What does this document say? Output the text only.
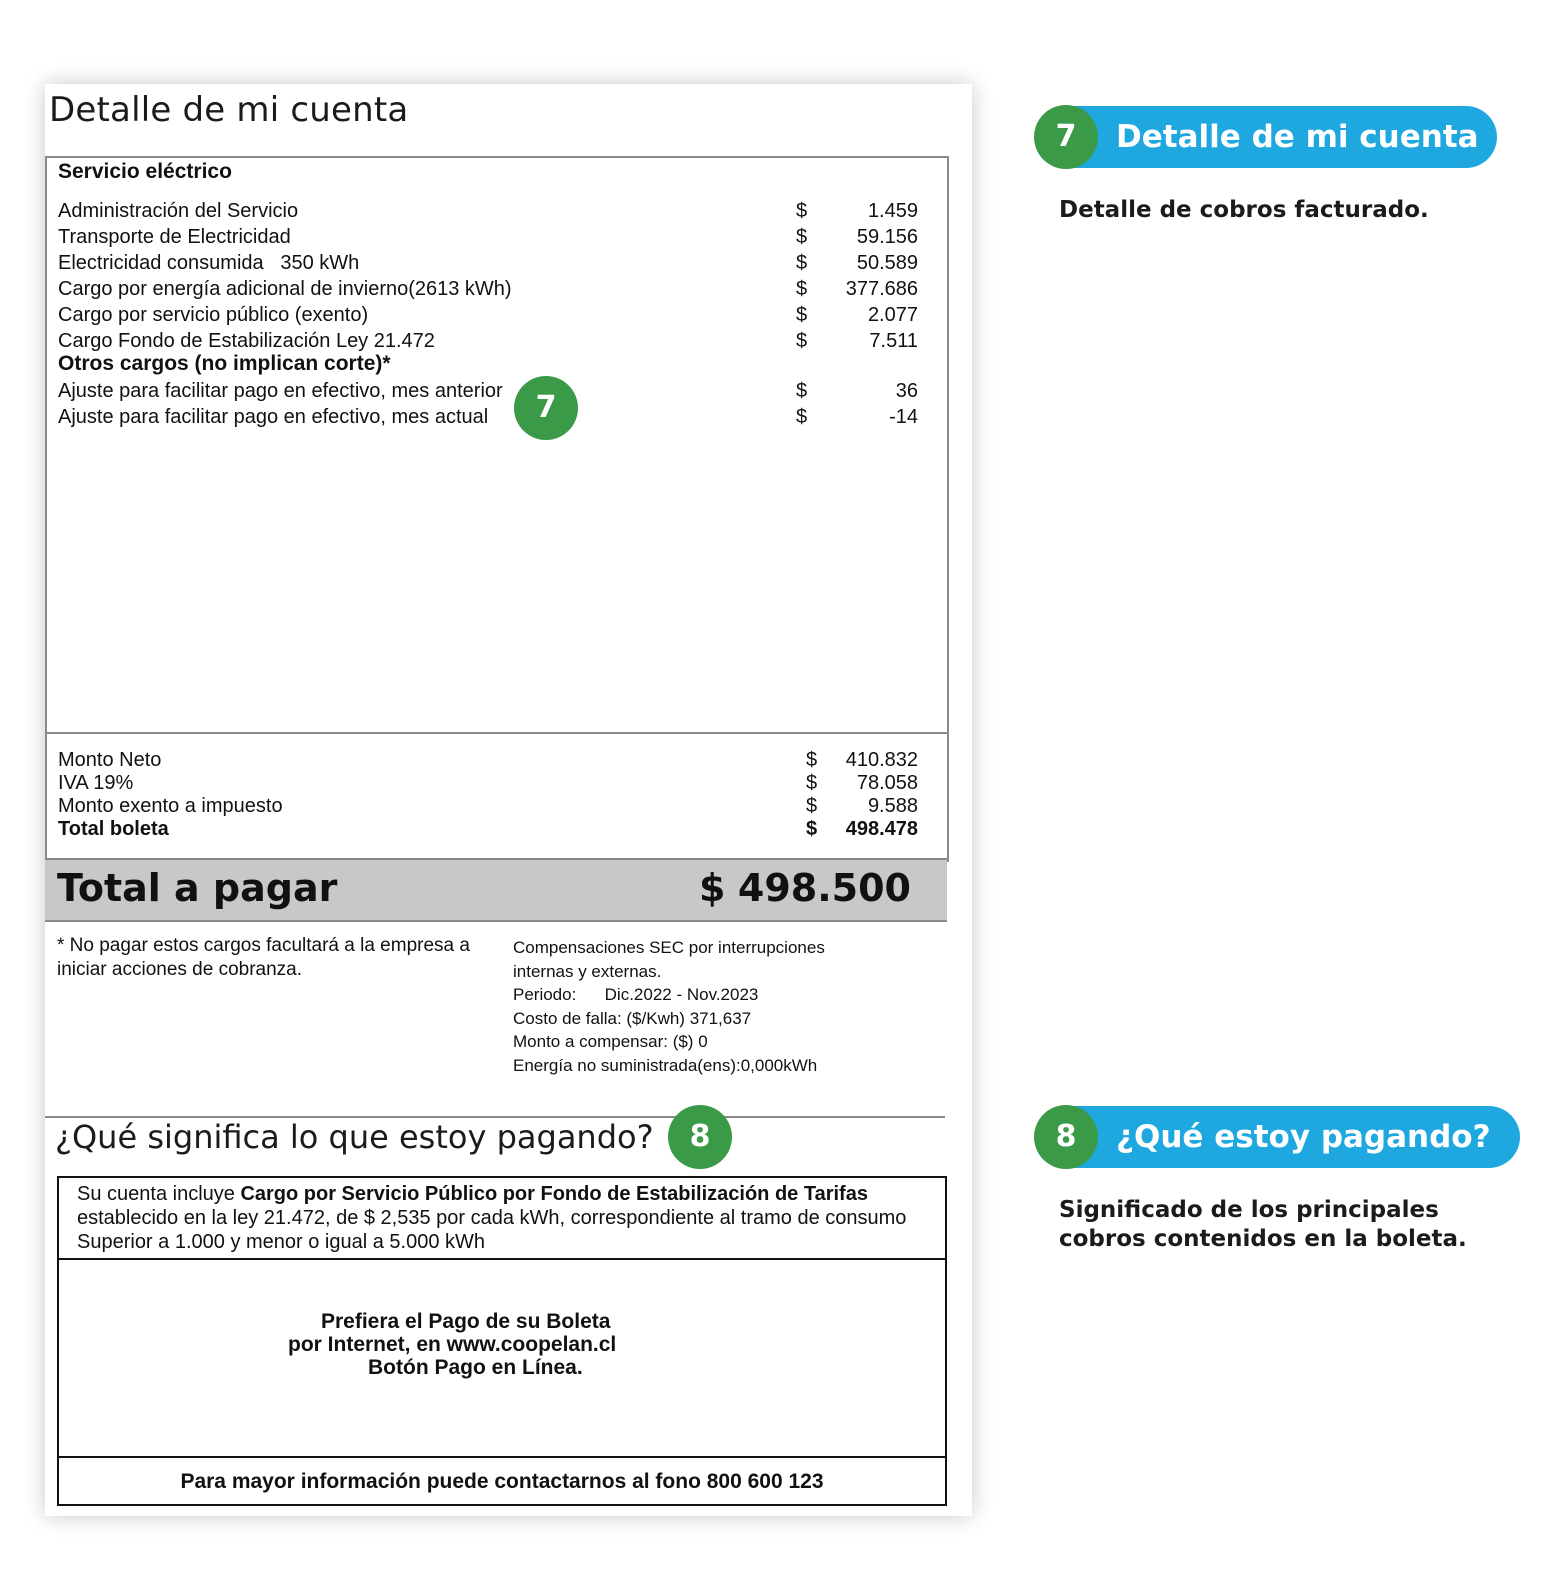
Detalle de mi cuenta
Servicio eléctrico
Administración del Servicio	$	1.459
Transporte de Electricidad	$	59.156
Electricidad consumida   350 kWh	$	50.589
Cargo por energía adicional de invierno(2613 kWh)	$	377.686
Cargo por servicio público (exento)	$	2.077
Cargo Fondo de Estabilización Ley 21.472	$	7.511
Otros cargos (no implican corte)*
Ajuste para facilitar pago en efectivo, mes anterior	$	36
Ajuste para facilitar pago en efectivo, mes actual	$	-14
7
Monto Neto	$	410.832
IVA 19%	$	78.058
Monto exento a impuesto	$	9.588
Total boleta	$	498.478
Total a pagar	$ 498.500
* No pagar estos cargos facultará a la empresa a iniciar acciones de cobranza.
Compensaciones SEC por interrupciones
internas y externas.
Periodo:      Dic.2022 - Nov.2023
Costo de falla: ($/Kwh) 371,637
Monto a compensar: ($) 0
Energía no suministrada(ens):0,000kWh
¿Qué significa lo que estoy pagando?	8
Su cuenta incluye Cargo por Servicio Público por Fondo de Estabilización de Tarifas establecido en la ley 21.472, de $ 2,535 por cada kWh, correspondiente al tramo de consumo Superior a 1.000 y menor o igual a 5.000 kWh
Prefiera el Pago de su Boleta
por Internet, en www.coopelan.cl
Botón Pago en Línea.
Para mayor información puede contactarnos al fono 800 600 123
7	Detalle de mi cuenta
Detalle de cobros facturado.
8	¿Qué estoy pagando?
Significado de los principales cobros contenidos en la boleta.
